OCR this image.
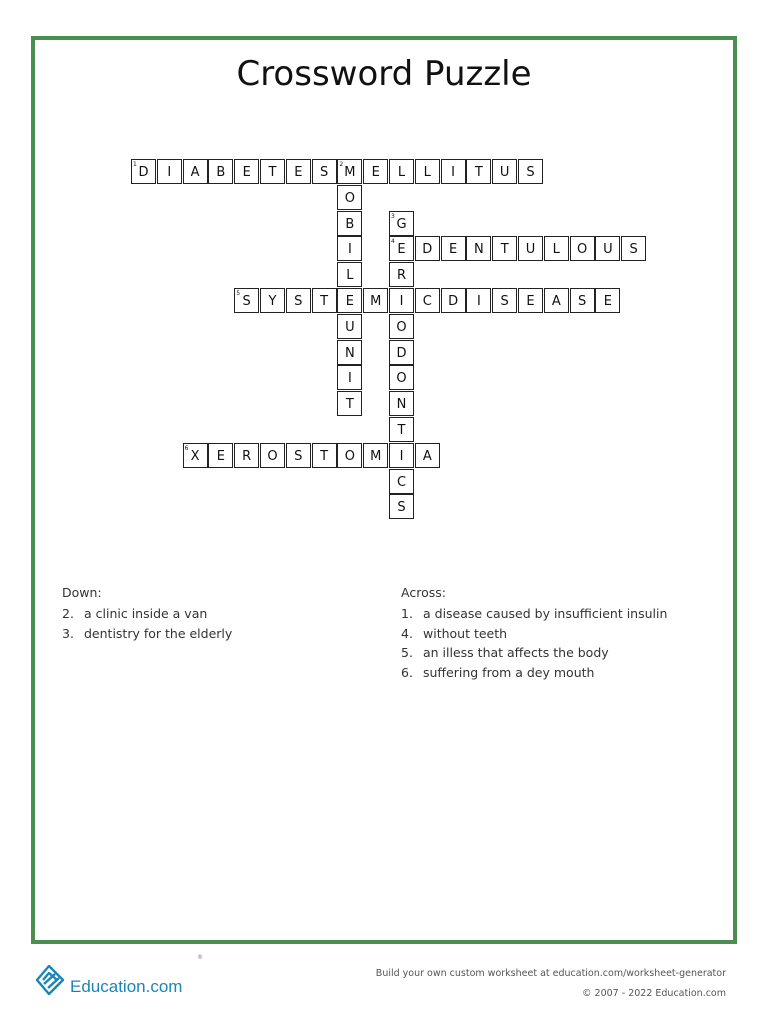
Crossword Puzzle
1
D	I	A	B	E	T	E	S
2
M	E	L	L	I	T	U	S
O
B
I
L
E
U
N
I
T
3
G
4
E
R
I
O
D
O
N
T
I
C
S
D	E	N	T	U	L	O	U	S
5
S	Y	S	T	M	C	D	I	S	E	A	S	E
6
X	E	R	O	S	T	O	M	A
Down:
2. a clinic inside a van
3. dentistry for the elderly
Across:
1. a disease caused by insufficient insulin
4. without teeth
5. an illess that affects the body
6. suffering from a dey mouth
Education.com
®
Build your own custom worksheet at education.com/worksheet-generator
© 2007 - 2022 Education.com
